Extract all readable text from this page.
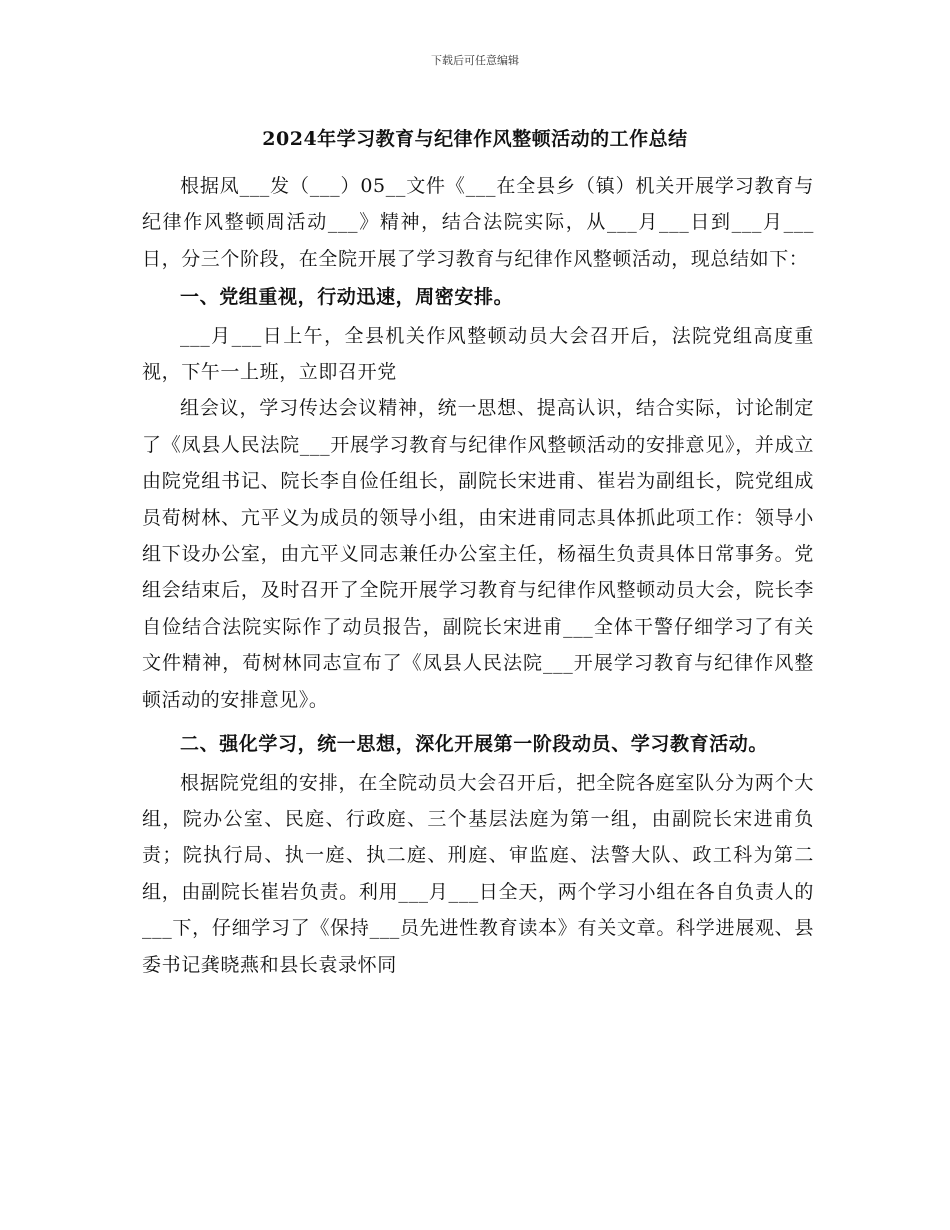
下载后可任意编辑
2024年学习教育与纪律作风整顿活动的工作总结

根据凤___发（___）05__文件《___在全县乡（镇）机关开展学习教育与纪律作风整顿周活动___》精神，结合法院实际，从___月___日到___月___日，分三个阶段，在全院开展了学习教育与纪律作风整顿活动，现总结如下：

一、党组重视，行动迅速，周密安排。

___月___日上午，全县机关作风整顿动员大会召开后，法院党组高度重视，下午一上班，立即召开党

组会议，学习传达会议精神，统一思想、提高认识，结合实际，讨论制定了《凤县人民法院___开展学习教育与纪律作风整顿活动的安排意见》，并成立由院党组书记、院长李自俭任组长，副院长宋进甫、崔岩为副组长，院党组成员荀树林、亢平义为成员的领导小组，由宋进甫同志具体抓此项工作：领导小组下设办公室，由亢平义同志兼任办公室主任，杨福生负责具体日常事务。党组会结束后，及时召开了全院开展学习教育与纪律作风整顿动员大会，院长李自俭结合法院实际作了动员报告，副院长宋进甫___全体干警仔细学习了有关文件精神，荀树林同志宣布了《凤县人民法院___开展学习教育与纪律作风整顿活动的安排意见》。

二、强化学习，统一思想，深化开展第一阶段动员、学习教育活动。

根据院党组的安排，在全院动员大会召开后，把全院各庭室队分为两个大组，院办公室、民庭、行政庭、三个基层法庭为第一组，由副院长宋进甫负责；院执行局、执一庭、执二庭、刑庭、审监庭、法警大队、政工科为第二组，由副院长崔岩负责。利用___月___日全天，两个学习小组在各自负责人的___下，仔细学习了《保持___员先进性教育读本》有关文章。科学进展观、县委书记龚晓燕和县长袁录怀同
